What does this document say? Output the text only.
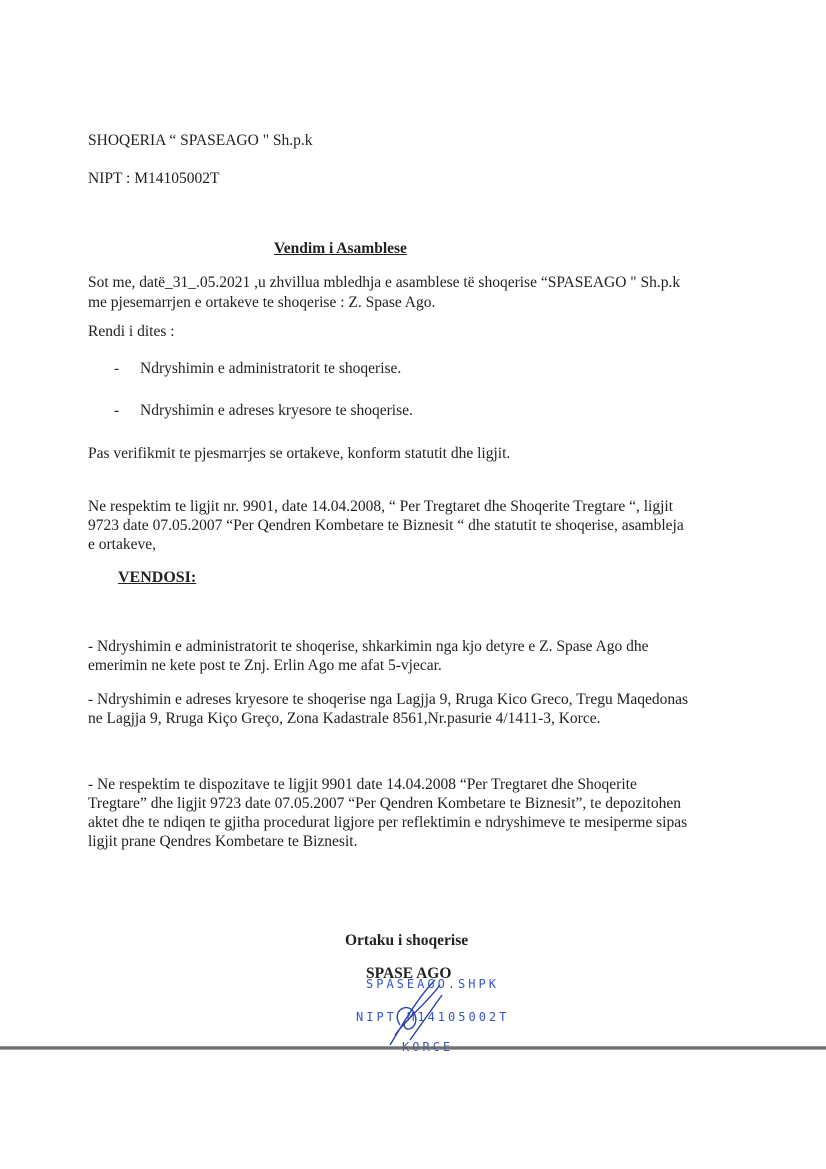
SHOQERIA “ SPASEAGO " Sh.p.k
NIPT : M14105002T
Vendim i Asamblese
Sot me, datë_31_.05.2021 ,u zhvillua mbledhja e asamblese të shoqerise “SPASEAGO " Sh.p.k
me pjesemarrjen e ortakeve te shoqerise : Z. Spase Ago.
Rendi i dites :
- Ndryshimin e administratorit te shoqerise.
- Ndryshimin e adreses kryesore te shoqerise.
Pas verifikmit te pjesmarrjes se ortakeve, konform statutit dhe ligjit.
Ne respektim te ligjit nr. 9901, date 14.04.2008, “ Per Tregtaret dhe Shoqerite Tregtare “, ligjit
9723 date 07.05.2007 “Per Qendren Kombetare te Biznesit “ dhe statutit te shoqerise, asambleja
e ortakeve,
VENDOSI:
- Ndryshimin e administratorit te shoqerise, shkarkimin nga kjo detyre e Z. Spase Ago dhe
emerimin ne kete post te Znj. Erlin Ago me afat 5-vjecar.
- Ndryshimin e adreses kryesore te shoqerise nga Lagjja 9, Rruga Kico Greco, Tregu Maqedonas
ne Lagjja 9, Rruga Kiço Greço, Zona Kadastrale 8561,Nr.pasurie 4/1411-3, Korce.
- Ne respektim te dispozitave te ligjit 9901 date 14.04.2008 “Per Tregtaret dhe Shoqerite
Tregtare” dhe ligjit 9723 date 07.05.2007 “Per Qendren Kombetare te Biznesit”, te depozitohen
aktet dhe te ndiqen te gjitha procedurat ligjore per reflektimin e ndryshimeve te mesiperme sipas
ligjit prane Qendres Kombetare te Biznesit.
Ortaku i shoqerise
SPASE AGO
SPASEAGO.SHPK
NIPT M14105002T
